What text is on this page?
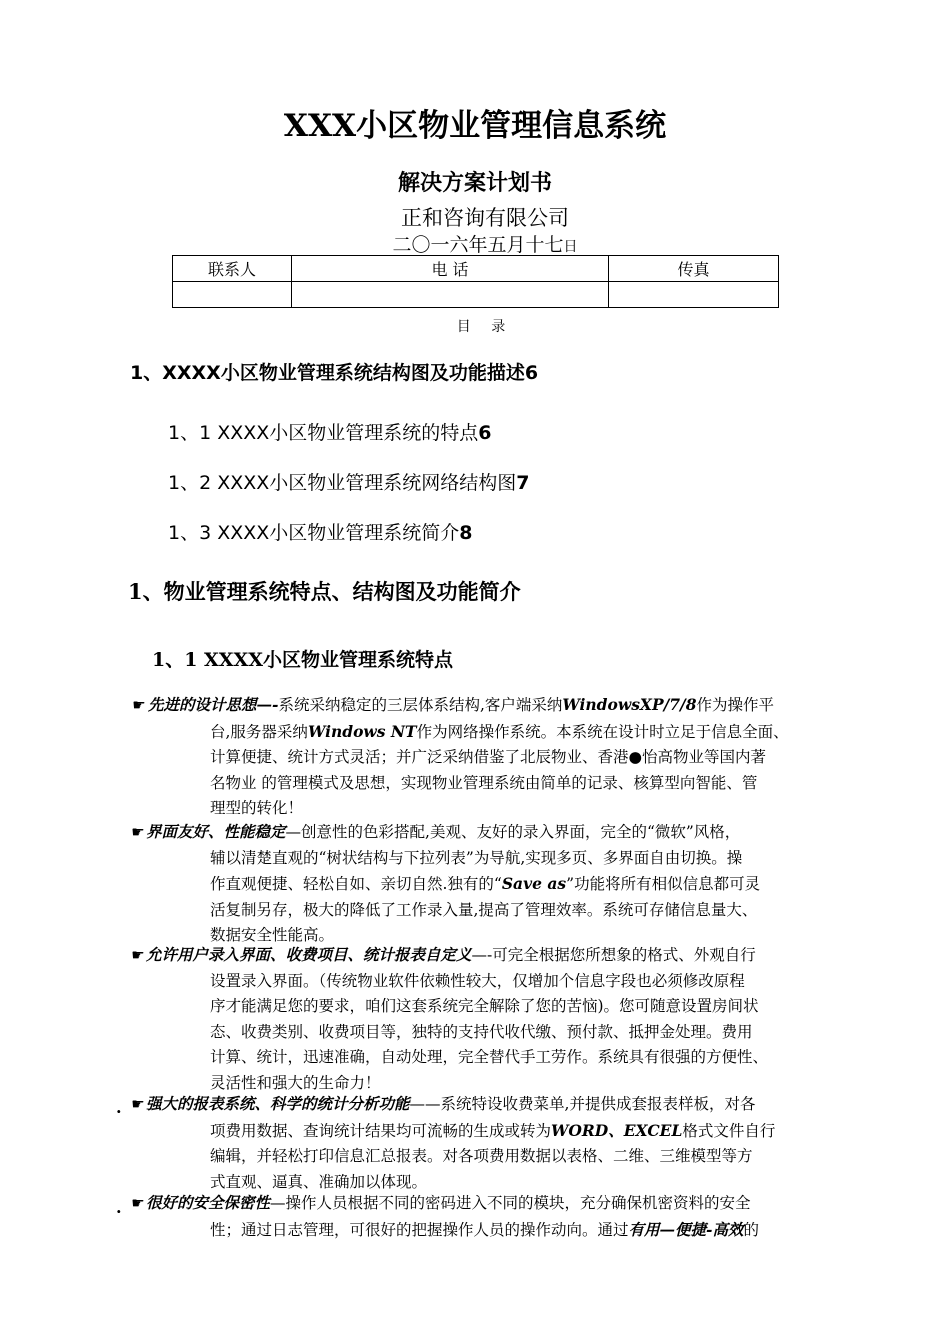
XXX小区物业管理信息系统
解决方案计划书
正和咨询有限公司
二〇一六年五月十七日
联系人	电 话	传真

目 录
1、XXXX小区物业管理系统结构图及功能描述6
1、1 XXXX小区物业管理系统的特点6
1、2 XXXX小区物业管理系统网络结构图7
1、3 XXXX小区物业管理系统简介8
1、物业管理系统特点、结构图及功能简介
1、1 XXXX小区物业管理系统特点
☛ 先进的设计思想—-系统采纳稳定的三层体系结构,客户端采纳WindowsXP/7/8作为操作平
台,服务器采纳Windows NT作为网络操作系统。本系统在设计时立足于信息全面、
计算便捷、统计方式灵活；并广泛采纳借鉴了北辰物业、香港●怡高物业等国内著
名物业 的管理模式及思想，实现物业管理系统由简单的记录、核算型向智能、管
理型的转化！
☛界面友好、性能稳定—创意性的色彩搭配,美观、友好的录入界面，完全的“微软”风格，
辅以清楚直观的“树状结构与下拉列表”为导航,实现多页、多界面自由切换。操
作直观便捷、轻松自如、亲切自然.独有的“Save as”功能将所有相似信息都可灵
活复制另存，极大的降低了工作录入量,提高了管理效率。系统可存储信息量大、
数据安全性能高。
☛允许用户录入界面、收费项目、统计报表自定义—-可完全根据您所想象的格式、外观自行
设置录入界面。（传统物业软件依赖性较大，仅增加个信息字段也必须修改原程
序才能满足您的要求，咱们这套系统完全解除了您的苦恼)。您可随意设置房间状
态、收费类别、收费项目等，独特的支持代收代缴、预付款、抵押金处理。费用
计算、统计，迅速准确，自动处理，完全替代手工劳作。系统具有很强的方便性、
灵活性和强大的生命力！
. ☛强大的报表系统、科学的统计分析功能——系统特设收费菜单,并提供成套报表样板，对各
项费用数据、查询统计结果均可流畅的生成或转为WORD、EXCEL格式文件自行
编辑，并轻松打印信息汇总报表。对各项费用数据以表格、二维、三维模型等方
式直观、逼真、准确加以体现。
. ☛很好的安全保密性—操作人员根据不同的密码进入不同的模块，充分确保机密资料的安全
性；通过日志管理，可很好的把握操作人员的操作动向。通过有用—便捷-高效的
